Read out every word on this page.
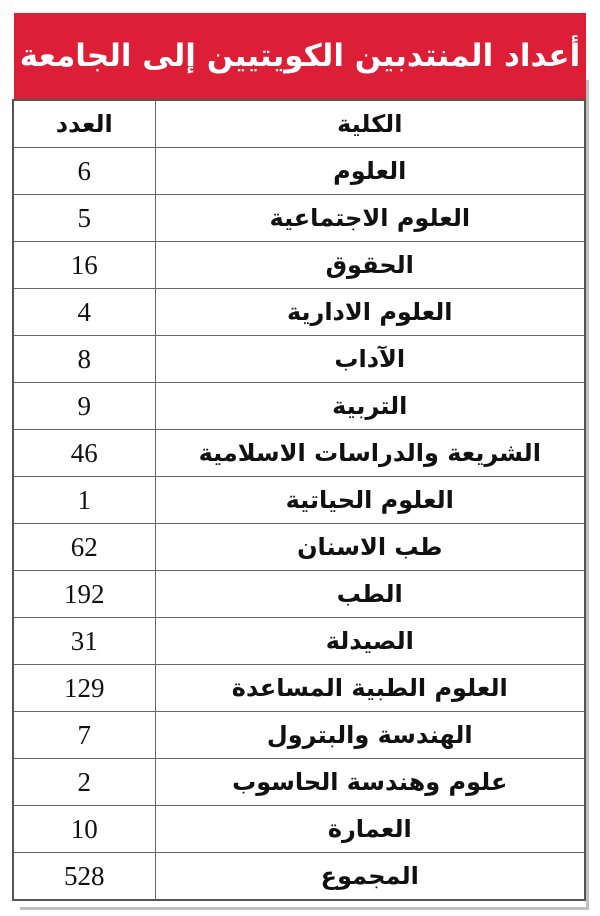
أعداد المنتدبين الكويتيين إلى الجامعة
الكلية	العدد
العلوم	6
العلوم الاجتماعية	5
الحقوق	16
العلوم الادارية	4
الآداب	8
التربية	9
الشريعة والدراسات الاسلامية	46
العلوم الحياتية	1
طب الاسنان	62
الطب	192
الصيدلة	31
العلوم الطبية المساعدة	129
الهندسة والبترول	7
علوم وهندسة الحاسوب	2
العمارة	10
المجموع	528
